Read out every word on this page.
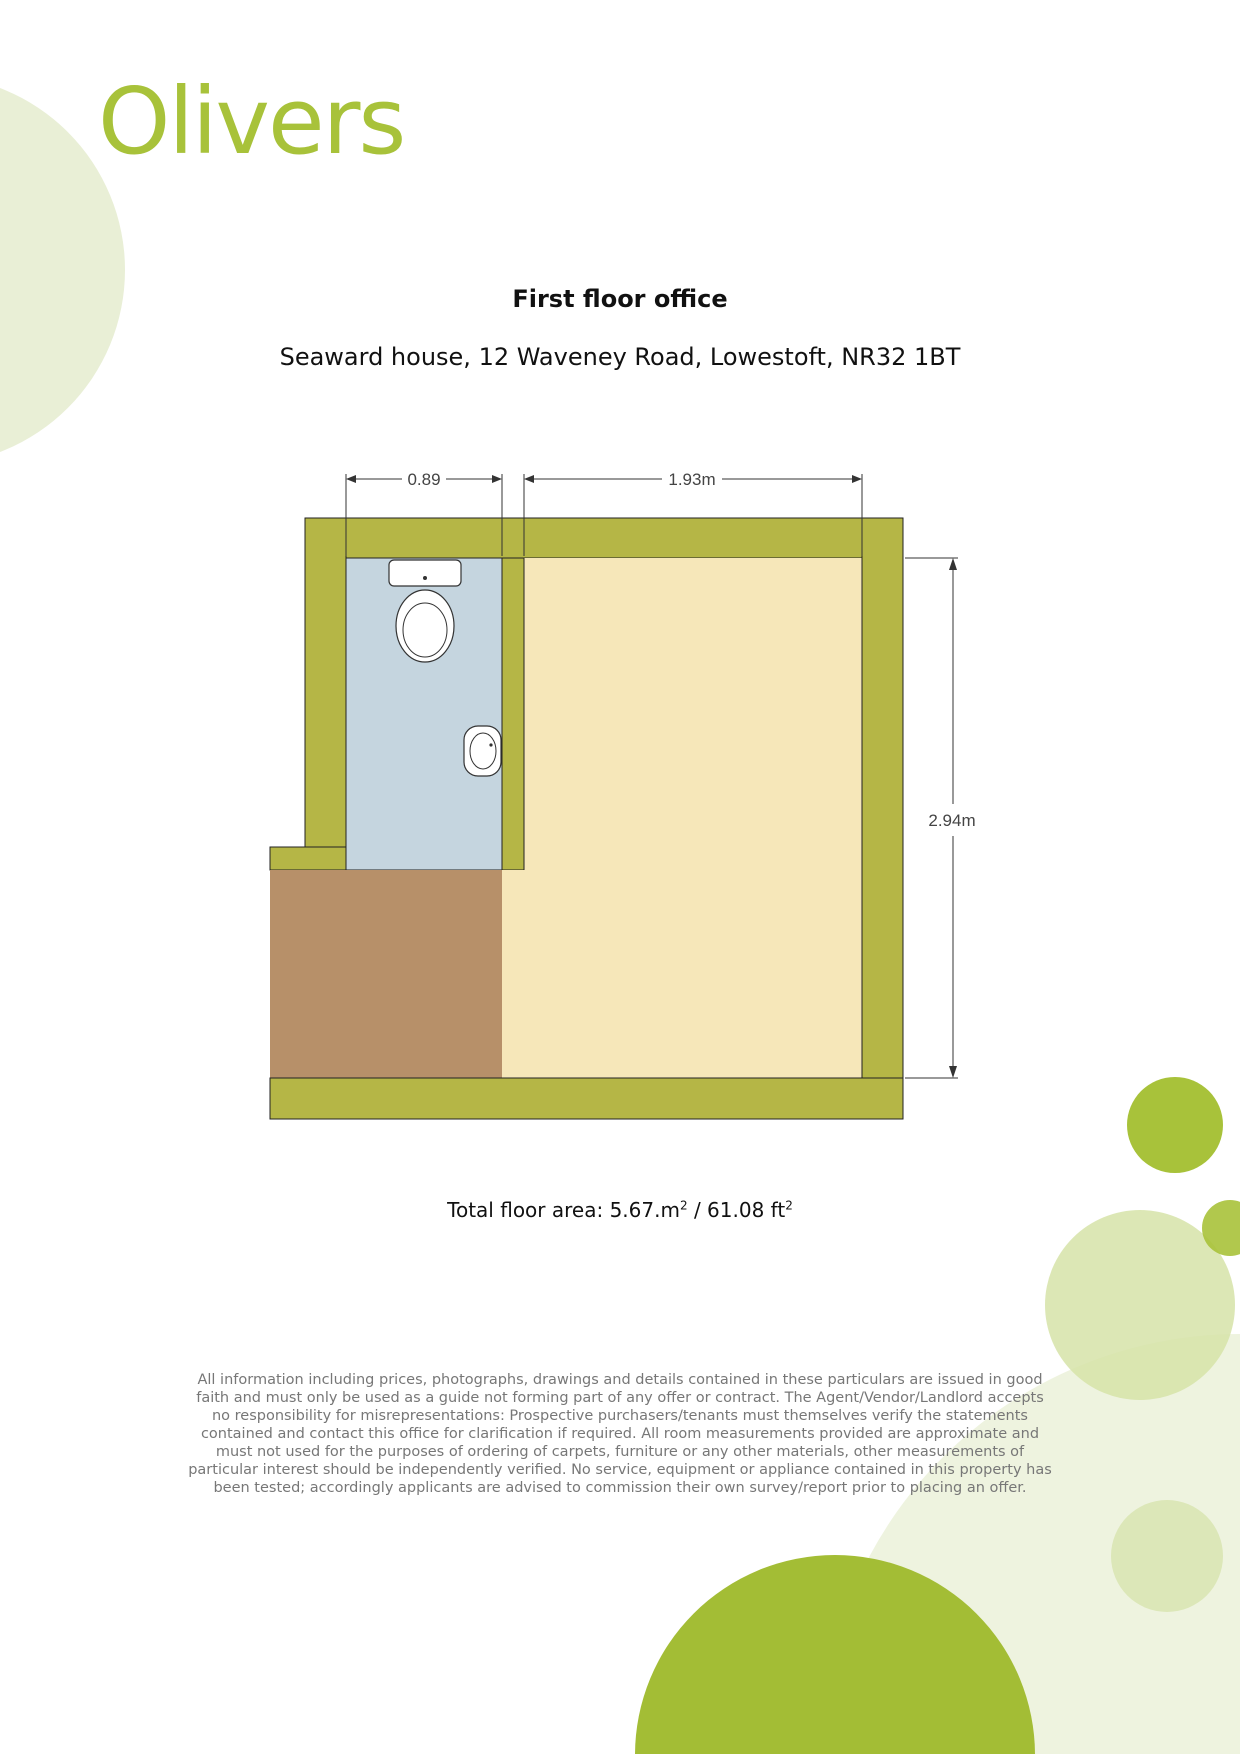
Olivers
First floor office
Seaward house, 12 Waveney Road, Lowestoft, NR32 1BT
0.89	1.93m
2.94m
Total floor area: $5.67.m^2 / 61.08$ $ft^2$
All information including prices, photographs, drawings and details contained in these particulars are issued in good faith and must only be used as a guide not forming part of any offer or contract. The Agent/Vendor/Landlord accepts no responsibility for misrepresentations: Prospective purchasers/tenants must themselves verify the statements contained and contact this office for clarification if required. All room measurements provided are approximate and must not used for the purposes of ordering of carpets, furniture or any other materials, other measurements of particular interest should be independently verified. No service, equipment or appliance contained in this property has been tested; accordingly applicants are advised to commission their own survey/report prior to placing an offer.
